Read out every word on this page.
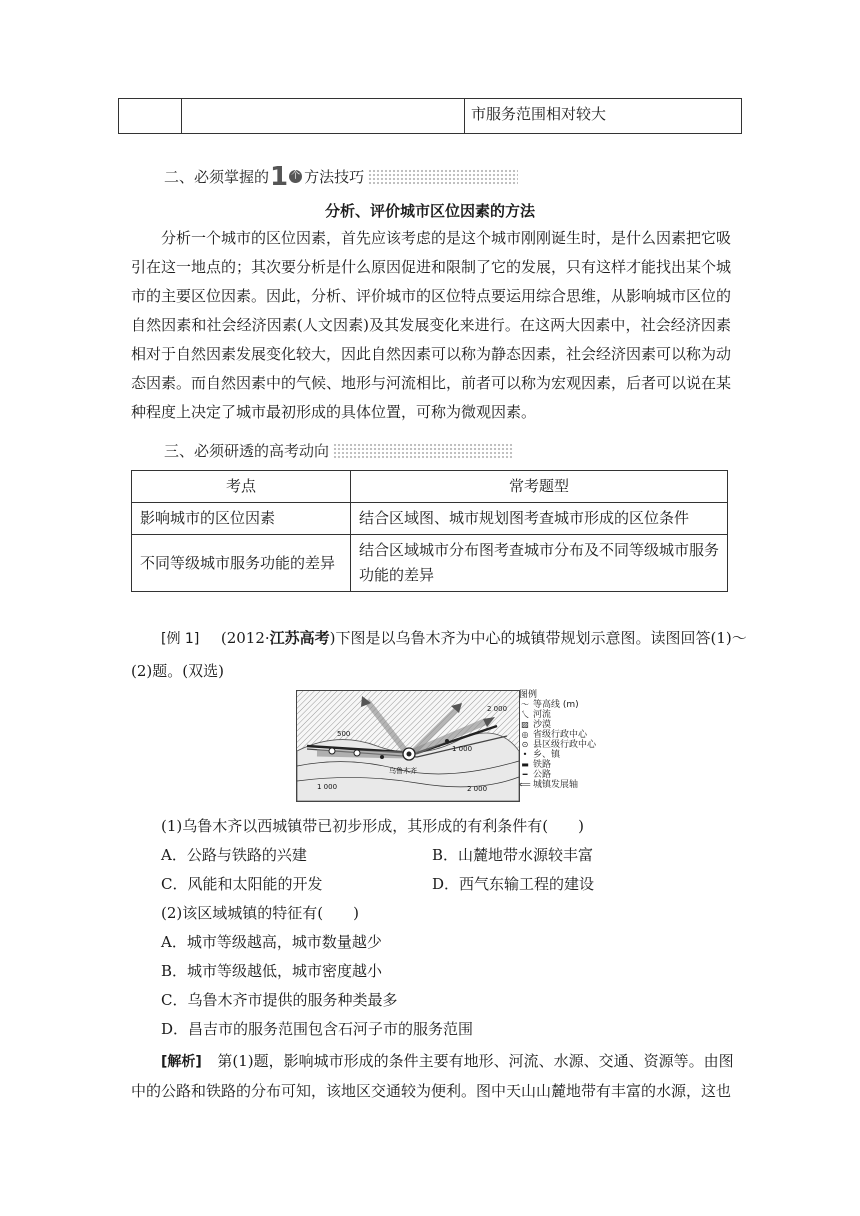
		市服务范围相对较大
二、必须掌握的 1 个 方法技巧
分析、评价城市区位因素的方法
分析一个城市的区位因素，首先应该考虑的是这个城市刚刚诞生时，是什么因素把它吸引在这一地点的；其次要分析是什么原因促进和限制了它的发展，只有这样才能找出某个城市的主要区位因素。因此，分析、评价城市的区位特点要运用综合思维，从影响城市区位的自然因素和社会经济因素(人文因素)及其发展变化来进行。在这两大因素中，社会经济因素相对于自然因素发展变化较大，因此自然因素可以称为静态因素，社会经济因素可以称为动态因素。而自然因素中的气候、地形与河流相比，前者可以称为宏观因素，后者可以说在某种程度上决定了城市最初形成的具体位置，可称为微观因素。
三、必须研透的高考动向
考点	常考题型
影响城市的区位因素	结合区域图、城市规划图考查城市形成的区位条件
不同等级城市服务功能的差异	结合区域城市分布图考查城市分布及不同等级城市服务功能的差异
[例 1] (2012·江苏高考)下图是以乌鲁木齐为中心的城镇带规划示意图。读图回答(1)～
(2)题。(双选)
乌鲁木齐
2 000
1 000
2 000
1 000
500
图例
〜 等高线 (m)
乀 河流
▨ 沙漠
◎ 省级行政中心
⊙ 县区级行政中心
• 乡、镇
▬ 铁路
━ 公路
⟸ 城镇发展轴
(1)乌鲁木齐以西城镇带已初步形成，其形成的有利条件有(　　)
A．公路与铁路的兴建	B．山麓地带水源较丰富
C．风能和太阳能的开发	D．西气东输工程的建设
(2)该区域城镇的特征有(　　)
A．城市等级越高，城市数量越少
B．城市等级越低，城市密度越小
C．乌鲁木齐市提供的服务种类最多
D．昌吉市的服务范围包含石河子市的服务范围
[解析] 第(1)题，影响城市形成的条件主要有地形、河流、水源、交通、资源等。由图
中的公路和铁路的分布可知，该地区交通较为便利。图中天山山麓地带有丰富的水源，这也
